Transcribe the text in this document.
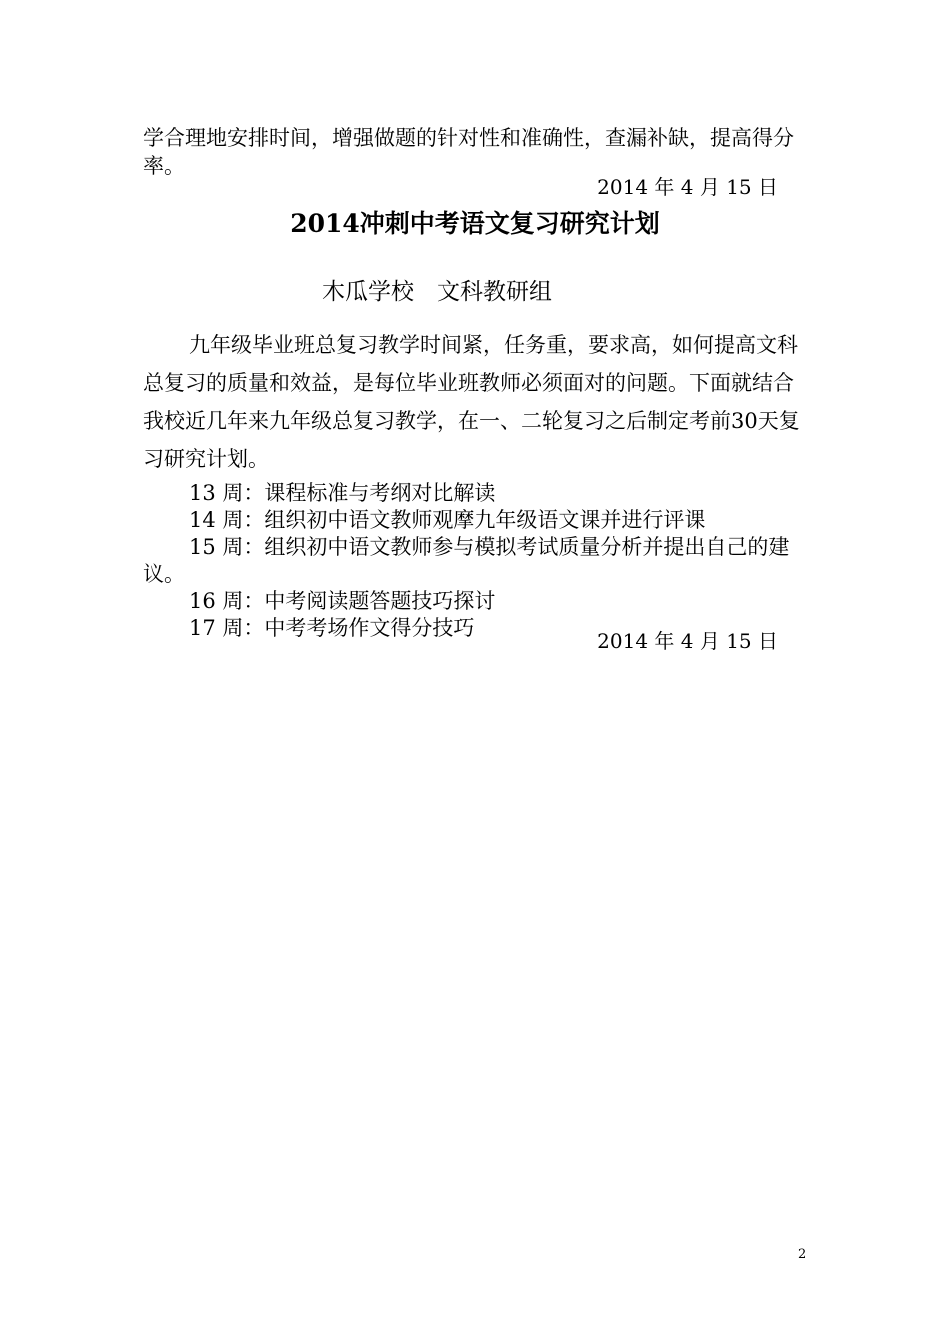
学合理地安排时间，增强做题的针对性和准确性，查漏补缺，提高得分率。

2014 年 4 月 15 日

2014冲刺中考语文复习研究计划

木瓜学校　文科教研组

九年级毕业班总复习教学时间紧，任务重，要求高，如何提高文科总复习的质量和效益，是每位毕业班教师必须面对的问题。下面就结合我校近几年来九年级总复习教学，在一、二轮复习之后制定考前30天复习研究计划。

13 周：课程标准与考纲对比解读
14 周：组织初中语文教师观摩九年级语文课并进行评课
15 周：组织初中语文教师参与模拟考试质量分析并提出自己的建议。
16 周：中考阅读题答题技巧探讨
17 周：中考考场作文得分技巧

2014 年 4 月 15 日

2
